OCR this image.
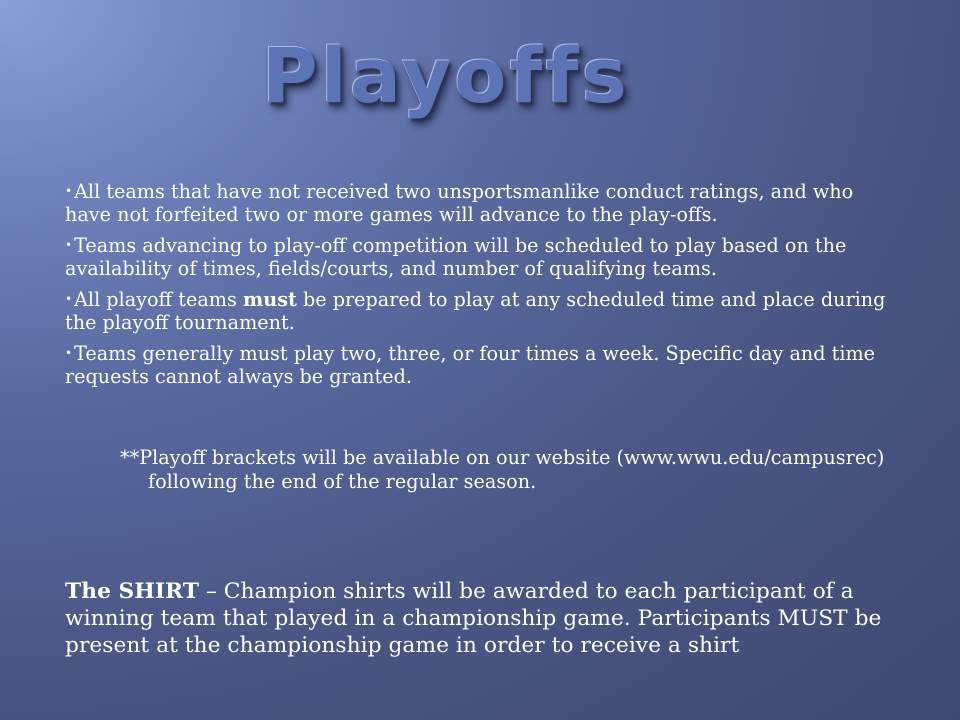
Playoffs

• All teams that have not received two unsportsmanlike conduct ratings, and who have not forfeited two or more games will advance to the play-offs.

• Teams advancing to play-off competition will be scheduled to play based on the availability of times, fields/courts, and number of qualifying teams.

• All playoff teams must be prepared to play at any scheduled time and place during the playoff tournament.

• Teams generally must play two, three, or four times a week. Specific day and time requests cannot always be granted.

**Playoff brackets will be available on our website (www.wwu.edu/campusrec) following the end of the regular season.

The SHIRT – Champion shirts will be awarded to each participant of a winning team that played in a championship game. Participants MUST be present at the championship game in order to receive a shirt
